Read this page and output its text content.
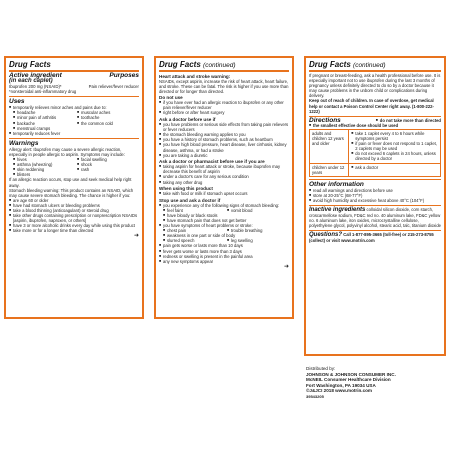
Drug Facts
Active ingredient	Purposes
(in each caplet)
Ibuprofen 200 mg (NSAID)*	Pain reliever/fever reducer
*nonsteroidal anti-inflammatory drug
Uses
■ temporarily relieves minor aches and pains due to:
■ headache	■ muscular aches
■ minor pain of arthritis	■ toothache
■ backache	■ the common cold
■ menstrual cramps
■ temporarily reduces fever
Warnings
Allergy alert: Ibuprofen may cause a severe allergic reaction, especially in people allergic to aspirin. Symptoms may include:
■ hives	■ facial swelling
■ asthma (wheezing)	■ shock
■ skin reddening	■ rash
■ blisters
If an allergic reaction occurs, stop use and seek medical help right away.
Stomach bleeding warning: This product contains an NSAID, which may cause severe stomach bleeding. The chance is higher if you:
■ are age 60 or older
■ have had stomach ulcers or bleeding problems
■ take a blood thinning (anticoagulant) or steroid drug
■ take other drugs containing prescription or nonprescription NSAIDs [aspirin, ibuprofen, naproxen, or others]
■ have 3 or more alcoholic drinks every day while using this product
■ take more or for a longer time than directed
➜
Drug Facts (continued)
Heart attack and stroke warning:
NSAIDs, except aspirin, increase the risk of heart attack, heart failure, and stroke. These can be fatal. The risk is higher if you use more than directed or for longer than directed.
Do not use
■ if you have ever had an allergic reaction to ibuprofen or any other pain reliever/fever reducer
■ right before or after heart surgery
Ask a doctor before use if
■ you have problems or serious side effects from taking pain relievers or fever reducers
■ the stomach bleeding warning applies to you
■ you have a history of stomach problems, such as heartburn
■ you have high blood pressure, heart disease, liver cirrhosis, kidney disease, asthma, or had a stroke
■ you are taking a diuretic
Ask a doctor or pharmacist before use if you are
■ taking aspirin for heart attack or stroke, because ibuprofen may decrease this benefit of aspirin
■ under a doctor's care for any serious condition
■ taking any other drug
When using this product
■ take with food or milk if stomach upset occurs
Stop use and ask a doctor if
■ you experience any of the following signs of stomach bleeding:
■ feel faint	■ vomit blood
■ have bloody or black stools
■ have stomach pain that does not get better
■ you have symptoms of heart problems or stroke:
■ chest pain	■ trouble breathing
■ weakness in one part or side of body
■ slurred speech	■ leg swelling
■ pain gets worse or lasts more than 10 days
■ fever gets worse or lasts more than 3 days
■ redness or swelling is present in the painful area
■ any new symptoms appear
➜
Drug Facts (continued)
If pregnant or breast-feeding, ask a health professional before use. It is especially important not to use ibuprofen during the last 3 months of pregnancy unless definitely directed to do so by a doctor because it may cause problems in the unborn child or complications during delivery.
Keep out of reach of children. In case of overdose, get medical help or contact a Poison Control Center right away. (1-800-222-1222)
Directions	■ do not take more than directed
■ the smallest effective dose should be used
adults and children 12 years and older	■ take 1 caplet every 4 to 6 hours while symptoms persist
■ if pain or fever does not respond to 1 caplet, 2 caplets may be used
■ do not exceed 6 caplets in 24 hours, unless directed by a doctor

children under 12 years	■ ask a doctor
Other information
■ read all warnings and directions before use
■ store at 20-25°C (68-77°F)
■ avoid high humidity and excessive heat above 40°C (104°F)
Inactive ingredients colloidal silicon dioxide, corn starch, croscarmellose sodium, FD&C red no. 40 aluminum lake, FD&C yellow no. 6 aluminum lake, iron oxides, microcrystalline cellulose, polyethylene glycol, polyvinyl alcohol, stearic acid, talc, titanium dioxide
Questions? Call 1-877-895-3665 (toll-free) or 215-273-8755 (collect) or visit www.motrin.com
Distributed by:
JOHNSON & JOHNSON CONSUMER INC.
McNEIL Consumer Healthcare Division
Fort Washington, PA 19034 USA
©J&JCI 2018 www.motrin.com
39543205
